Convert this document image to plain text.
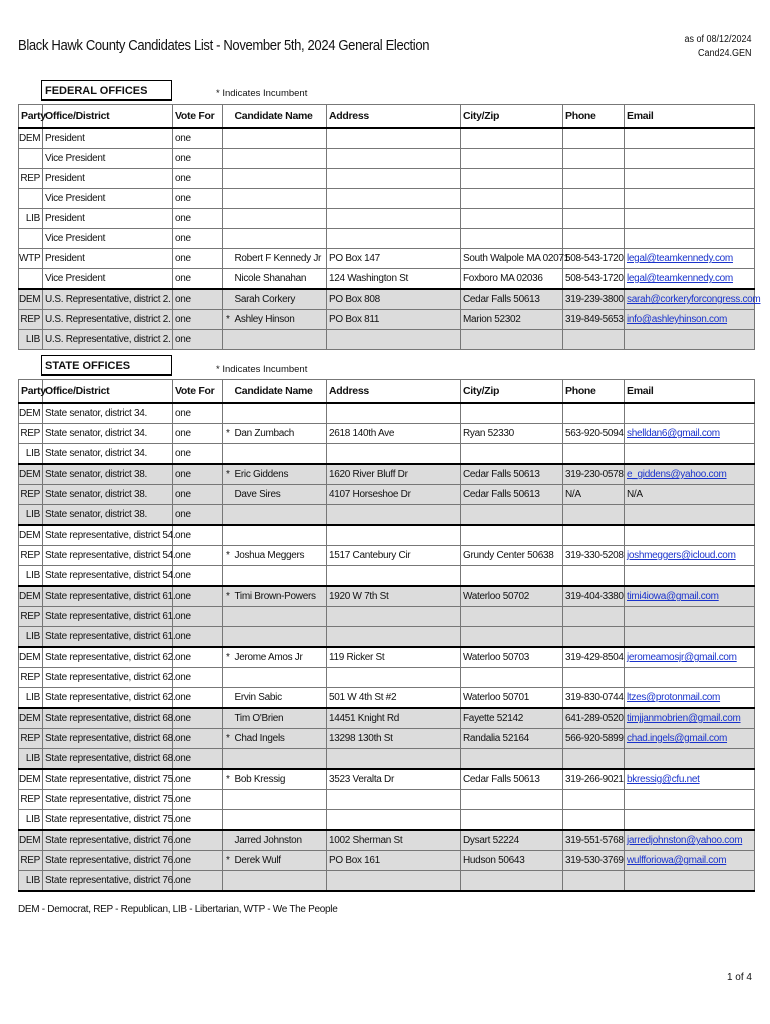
Black Hawk County Candidates List - November 5th, 2024 General Election	as of 08/12/2024
Cand24.GEN
FEDERAL OFFICES	* Indicates Incumbent
Party	Office/District	Vote For		Candidate Name	Address	City/Zip	Phone	Email
DEM	President	one						
	Vice President	one						
REP	President	one						
	Vice President	one						
LIB	President	one						
	Vice President	one						
WTP	President	one		Robert F Kennedy Jr	PO Box 147	South Walpole MA 02071	508-543-1720	legal@teamkennedy.com
	Vice President	one		Nicole Shanahan	124 Washington St	Foxboro MA 02036	508-543-1720	legal@teamkennedy.com
DEM	U.S. Representative, district 2.	one		Sarah Corkery	PO Box 808	Cedar Falls 50613	319-239-3800	sarah@corkeryforcongress.com
REP	U.S. Representative, district 2.	one	*	Ashley Hinson	PO Box 811	Marion 52302	319-849-5653	info@ashleyhinson.com
LIB	U.S. Representative, district 2.	one						
STATE OFFICES	* Indicates Incumbent
Party	Office/District	Vote For		Candidate Name	Address	City/Zip	Phone	Email
DEM	State senator, district 34.	one						
REP	State senator, district 34.	one	*	Dan Zumbach	2618 140th Ave	Ryan 52330	563-920-5094	shelldan6@gmail.com
LIB	State senator, district 34.	one						
DEM	State senator, district 38.	one	*	Eric Giddens	1620 River Bluff Dr	Cedar Falls 50613	319-230-0578	e_giddens@yahoo.com
REP	State senator, district 38.	one		Dave Sires	4107 Horseshoe Dr	Cedar Falls 50613	N/A	N/A
LIB	State senator, district 38.	one						
DEM	State representative, district 54.	one						
REP	State representative, district 54.	one	*	Joshua Meggers	1517 Cantebury Cir	Grundy Center 50638	319-330-5208	joshmeggers@icloud.com
LIB	State representative, district 54.	one						
DEM	State representative, district 61.	one	*	Timi Brown-Powers	1920 W 7th St	Waterloo 50702	319-404-3380	timi4iowa@gmail.com
REP	State representative, district 61.	one						
LIB	State representative, district 61.	one						
DEM	State representative, district 62.	one	*	Jerome Amos Jr	119 Ricker St	Waterloo 50703	319-429-8504	jeromeamosjr@gmail.com
REP	State representative, district 62.	one						
LIB	State representative, district 62.	one		Ervin Sabic	501 W 4th St #2	Waterloo 50701	319-830-0744	ltzes@protonmail.com
DEM	State representative, district 68.	one		Tim O'Brien	14451 Knight Rd	Fayette 52142	641-289-0520	timjjanmobrien@gmail.com
REP	State representative, district 68.	one	*	Chad Ingels	13298 130th St	Randalia 52164	566-920-5899	chad.ingels@gmail.com
LIB	State representative, district 68.	one						
DEM	State representative, district 75.	one	*	Bob Kressig	3523 Veralta Dr	Cedar Falls 50613	319-266-9021	bkressig@cfu.net
REP	State representative, district 75.	one						
LIB	State representative, district 75.	one						
DEM	State representative, district 76.	one		Jarred Johnston	1002 Sherman St	Dysart 52224	319-551-5768	jarredjohnston@yahoo.com
REP	State representative, district 76.	one	*	Derek Wulf	PO Box 161	Hudson 50643	319-530-3769	wulfforiowa@gmail.com
LIB	State representative, district 76.	one						
DEM - Democrat, REP - Republican, LIB - Libertarian, WTP - We The People
1 of 4
